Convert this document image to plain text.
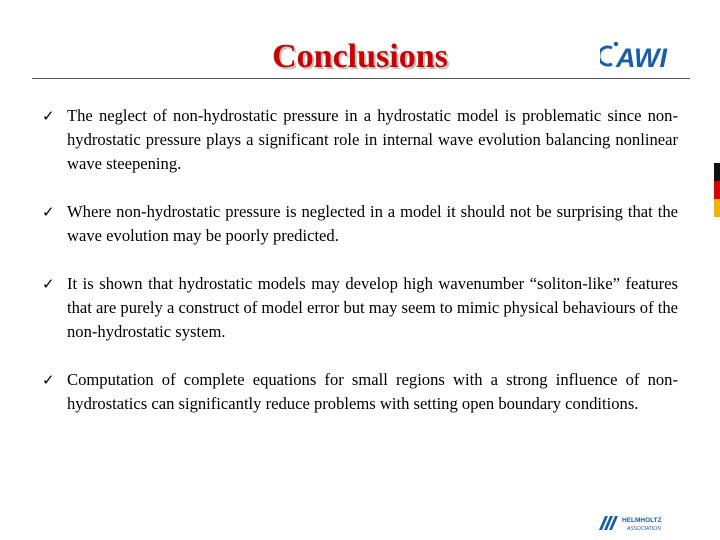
Conclusions	AWI
✓ The neglect of non-hydrostatic pressure in a hydrostatic model is problematic since non-hydrostatic pressure plays a significant role in internal wave evolution balancing nonlinear wave steepening.
✓ Where non-hydrostatic pressure is neglected in a model it should not be surprising that the wave evolution may be poorly predicted.
✓ It is shown that hydrostatic models may develop high wavenumber “soliton-like” features that are purely a construct of model error but may seem to mimic physical behaviours of the non-hydrostatic system.
✓ Computation of complete equations for small regions with a strong influence of non-hydrostatics can significantly reduce problems with setting open boundary conditions.
HELMHOLTZ
ASSOCIATION
